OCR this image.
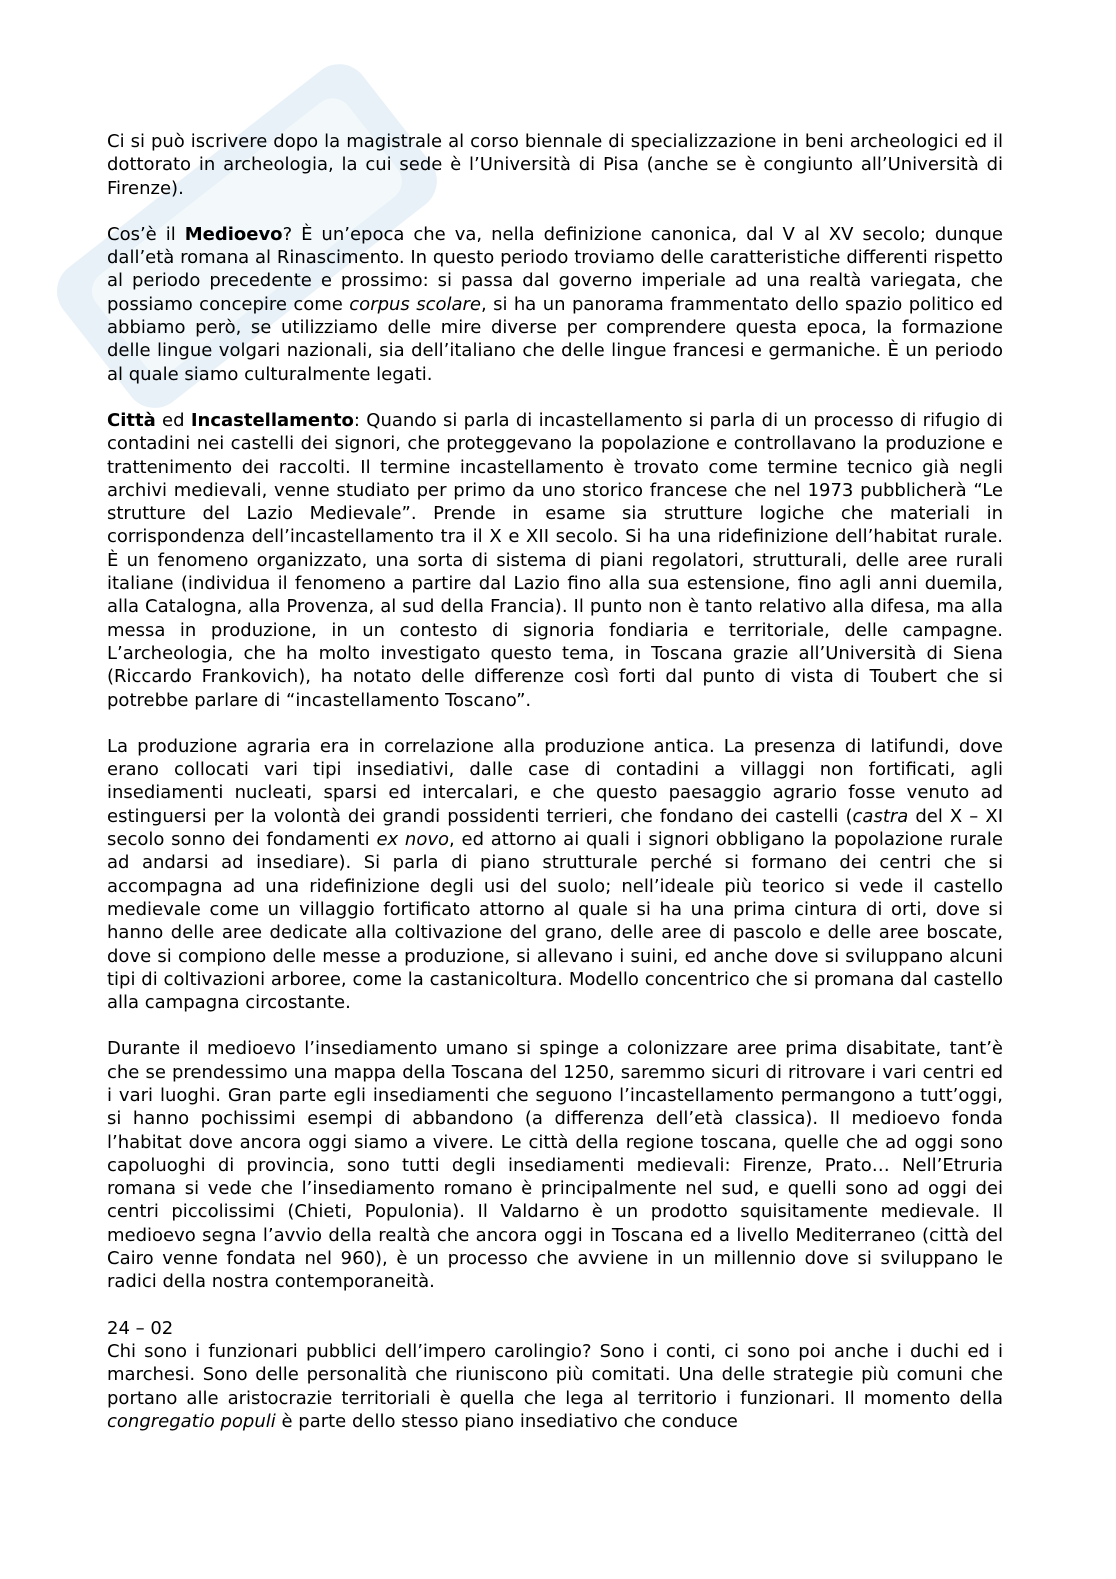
Ci si può iscrivere dopo la magistrale al corso biennale di specializzazione in beni archeologici ed il dottorato in archeologia, la cui sede è l’Università di Pisa (anche se è congiunto all’Università di Firenze).

Cos’è il Medioevo? È un’epoca che va, nella definizione canonica, dal V al XV secolo; dunque dall’età romana al Rinascimento. In questo periodo troviamo delle caratteristiche differenti rispetto al periodo precedente e prossimo: si passa dal governo imperiale ad una realtà variegata, che possiamo concepire come corpus scolare, si ha un panorama frammentato dello spazio politico ed abbiamo però, se utilizziamo delle mire diverse per comprendere questa epoca, la formazione delle lingue volgari nazionali, sia dell’italiano che delle lingue francesi e germaniche. È un periodo al quale siamo culturalmente legati.

Città ed Incastellamento: Quando si parla di incastellamento si parla di un processo di rifugio di contadini nei castelli dei signori, che proteggevano la popolazione e controllavano la produzione e trattenimento dei raccolti. Il termine incastellamento è trovato come termine tecnico già negli archivi medievali, venne studiato per primo da uno storico francese che nel 1973 pubblicherà “Le strutture del Lazio Medievale”. Prende in esame sia strutture logiche che materiali in corrispondenza dell’incastellamento tra il X e XII secolo. Si ha una ridefinizione dell’habitat rurale. È un fenomeno organizzato, una sorta di sistema di piani regolatori, strutturali, delle aree rurali italiane (individua il fenomeno a partire dal Lazio fino alla sua estensione, fino agli anni duemila, alla Catalogna, alla Provenza, al sud della Francia). Il punto non è tanto relativo alla difesa, ma alla messa in produzione, in un contesto di signoria fondiaria e territoriale, delle campagne. L’archeologia, che ha molto investigato questo tema, in Toscana grazie all’Università di Siena (Riccardo Frankovich), ha notato delle differenze così forti dal punto di vista di Toubert che si potrebbe parlare di “incastellamento Toscano”.

La produzione agraria era in correlazione alla produzione antica. La presenza di latifundi, dove erano collocati vari tipi insediativi, dalle case di contadini a villaggi non fortificati, agli insediamenti nucleati, sparsi ed intercalari, e che questo paesaggio agrario fosse venuto ad estinguersi per la volontà dei grandi possidenti terrieri, che fondano dei castelli (castra del X – XI secolo sonno dei fondamenti ex novo, ed attorno ai quali i signori obbligano la popolazione rurale ad andarsi ad insediare). Si parla di piano strutturale perché si formano dei centri che si accompagna ad una ridefinizione degli usi del suolo; nell’ideale più teorico si vede il castello medievale come un villaggio fortificato attorno al quale si ha una prima cintura di orti, dove si hanno delle aree dedicate alla coltivazione del grano, delle aree di pascolo e delle aree boscate, dove si compiono delle messe a produzione, si allevano i suini, ed anche dove si sviluppano alcuni tipi di coltivazioni arboree, come la castanicoltura. Modello concentrico che si promana dal castello alla campagna circostante.

Durante il medioevo l’insediamento umano si spinge a colonizzare aree prima disabitate, tant’è che se prendessimo una mappa della Toscana del 1250, saremmo sicuri di ritrovare i vari centri ed i vari luoghi. Gran parte egli insediamenti che seguono l’incastellamento permangono a tutt’oggi, si hanno pochissimi esempi di abbandono (a differenza dell’età classica). Il medioevo fonda l’habitat dove ancora oggi siamo a vivere. Le città della regione toscana, quelle che ad oggi sono capoluoghi di provincia, sono tutti degli insediamenti medievali: Firenze, Prato… Nell’Etruria romana si vede che l’insediamento romano è principalmente nel sud, e quelli sono ad oggi dei centri piccolissimi (Chieti, Populonia). Il Valdarno è un prodotto squisitamente medievale. Il medioevo segna l’avvio della realtà che ancora oggi in Toscana ed a livello Mediterraneo (città del Cairo venne fondata nel 960), è un processo che avviene in un millennio dove si sviluppano le radici della nostra contemporaneità.

24 – 02

Chi sono i funzionari pubblici dell’impero carolingio? Sono i conti, ci sono poi anche i duchi ed i marchesi. Sono delle personalità che riuniscono più comitati. Una delle strategie più comuni che portano alle aristocrazie territoriali è quella che lega al territorio i funzionari. Il momento della congregatio populi è parte dello stesso piano insediativo che conduce
